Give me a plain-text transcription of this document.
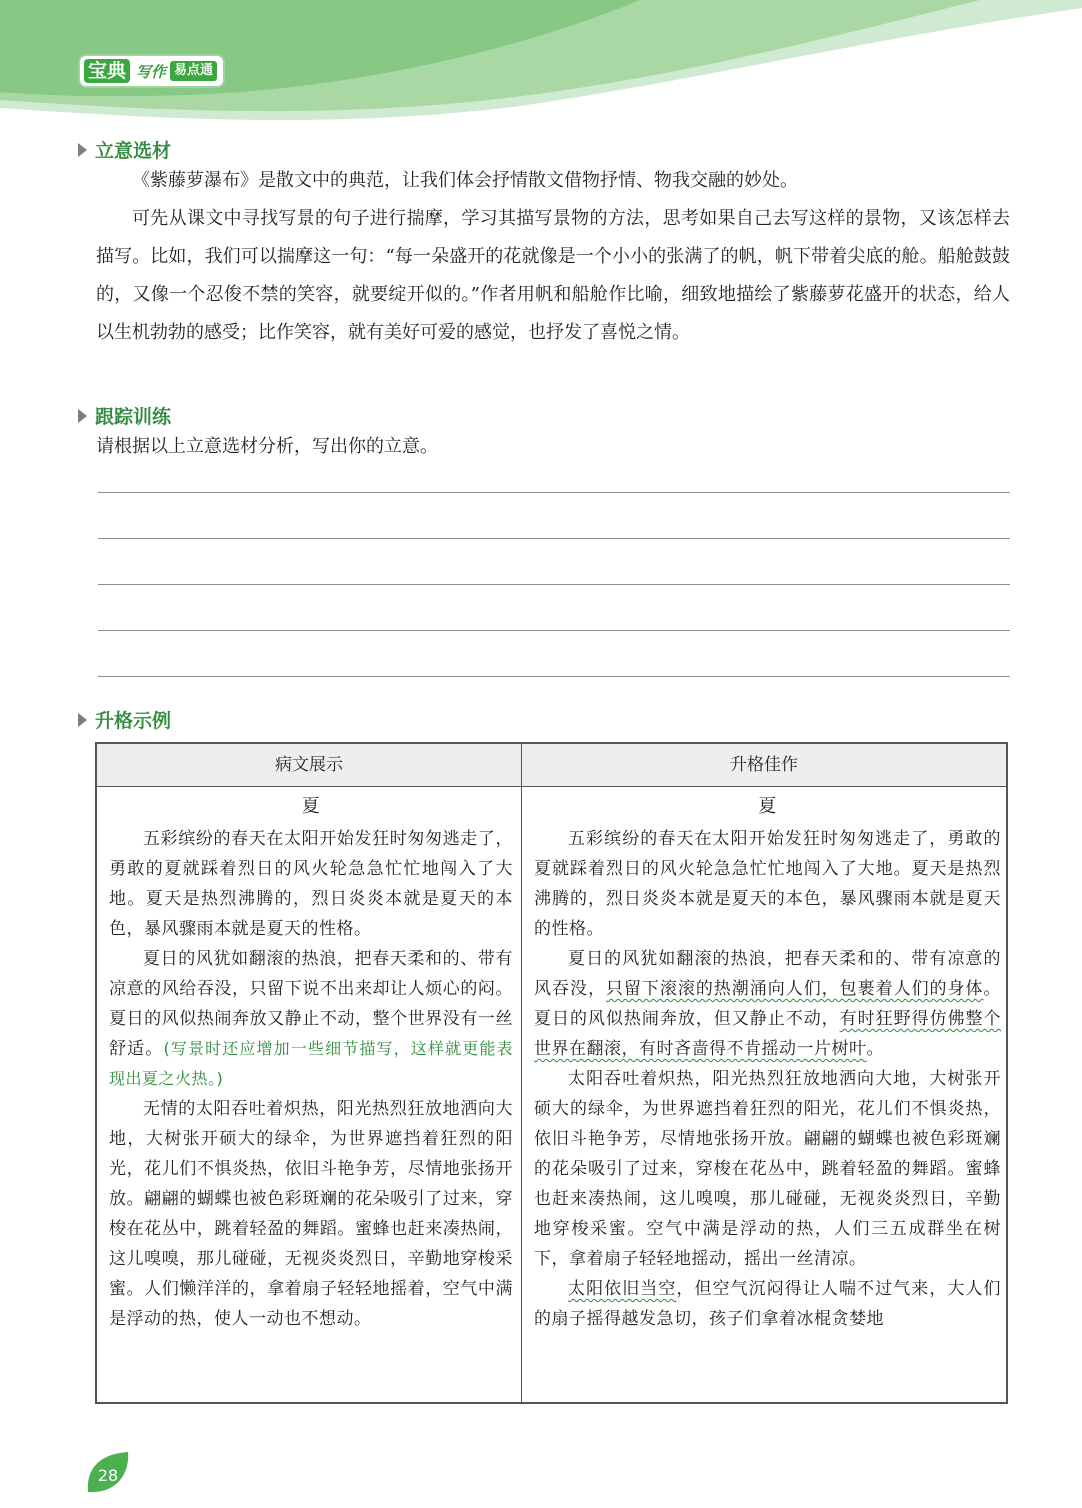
宝典 写作 易点通
立意选材
《紫藤萝瀑布》是散文中的典范，让我们体会抒情散文借物抒情、物我交融的妙处。
可先从课文中寻找写景的句子进行揣摩，学习其描写景物的方法，思考如果自己去写这样的景物，又该怎样去描写。比如，我们可以揣摩这一句：“每一朵盛开的花就像是一个小小的张满了的帆，帆下带着尖底的舱。船舱鼓鼓的，又像一个忍俊不禁的笑容，就要绽开似的。”作者用帆和船舱作比喻，细致地描绘了紫藤萝花盛开的状态，给人以生机勃勃的感受；比作笑容，就有美好可爱的感觉，也抒发了喜悦之情。
跟踪训练
请根据以上立意选材分析，写出你的立意。
升格示例
病文展示	升格佳作

夏

五彩缤纷的春天在太阳开始发狂时匆匆逃走了，勇敢的夏就踩着烈日的风火轮急急忙忙地闯入了大地。夏天是热烈沸腾的，烈日炎炎本就是夏天的本色，暴风骤雨本就是夏天的性格。

夏日的风犹如翻滚的热浪，把春天柔和的、带有凉意的风给吞没，只留下说不出来却让人烦心的闷。夏日的风似热闹奔放又静止不动，整个世界没有一丝舒适。(写景时还应增加一些细节描写，这样就更能表现出夏之火热。)

无情的太阳吞吐着炽热，阳光热烈狂放地洒向大地，大树张开硕大的绿伞，为世界遮挡着狂烈的阳光，花儿们不惧炎热，依旧斗艳争芳，尽情地张扬开放。翩翩的蝴蝶也被色彩斑斓的花朵吸引了过来，穿梭在花丛中，跳着轻盈的舞蹈。蜜蜂也赶来凑热闹，这儿嗅嗅，那儿碰碰，无视炎炎烈日，辛勤地穿梭采蜜。人们懒洋洋的，拿着扇子轻轻地摇着，空气中满是浮动的热，使人一动也不想动。

夏

五彩缤纷的春天在太阳开始发狂时匆匆逃走了，勇敢的夏就踩着烈日的风火轮急急忙忙地闯入了大地。夏天是热烈沸腾的，烈日炎炎本就是夏天的本色，暴风骤雨本就是夏天的性格。

夏日的风犹如翻滚的热浪，把春天柔和的、带有凉意的风吞没，只留下滚滚的热潮涌向人们，包裹着人们的身体。夏日的风似热闹奔放，但又静止不动，有时狂野得仿佛整个世界在翻滚，有时吝啬得不肯摇动一片树叶。

太阳吞吐着炽热，阳光热烈狂放地洒向大地，大树张开硕大的绿伞，为世界遮挡着狂烈的阳光，花儿们不惧炎热，依旧斗艳争芳，尽情地张扬开放。翩翩的蝴蝶也被色彩斑斓的花朵吸引了过来，穿梭在花丛中，跳着轻盈的舞蹈。蜜蜂也赶来凑热闹，这儿嗅嗅，那儿碰碰，无视炎炎烈日，辛勤地穿梭采蜜。空气中满是浮动的热，人们三五成群坐在树下，拿着扇子轻轻地摇动，摇出一丝清凉。

太阳依旧当空，但空气沉闷得让人喘不过气来，大人们的扇子摇得越发急切，孩子们拿着冰棍贪婪地

28
